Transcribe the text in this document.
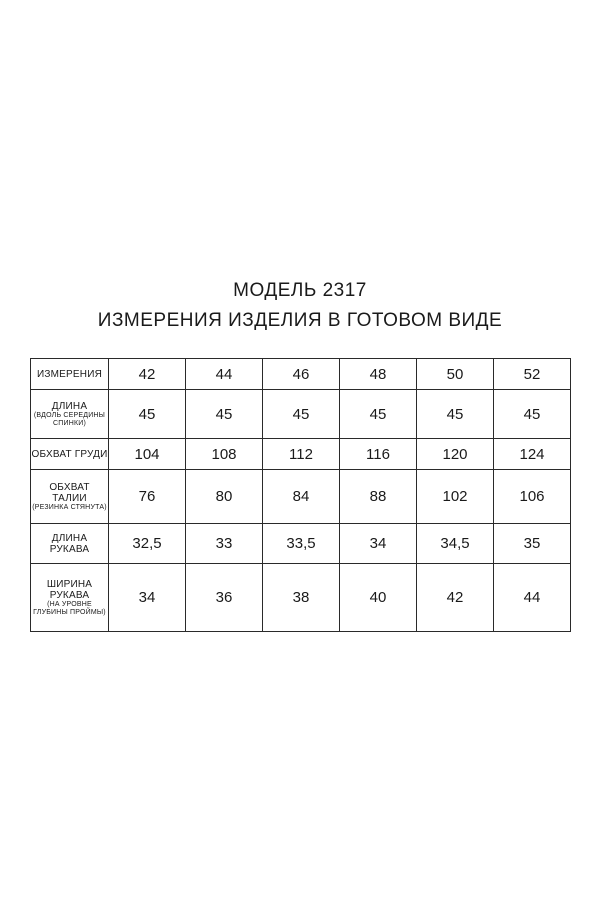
МОДЕЛЬ 2317
ИЗМЕРЕНИЯ ИЗДЕЛИЯ В ГОТОВОМ ВИДЕ
ИЗМЕРЕНИЯ	42	44	46	48	50	52

ДЛИНА
(ВДОЛЬ СЕРЕДИНЫ СПИНКИ)	45	45	45	45	45	45

ОБХВАТ ГРУДИ	104	108	112	116	120	124

ОБХВАТ ТАЛИИ
(РЕЗИНКА СТЯНУТА)	76	80	84	88	102	106

ДЛИНА РУКАВА	32,5	33	33,5	34	34,5	35

ШИРИНА РУКАВА
(НА УРОВНЕ ГЛУБИНЫ ПРОЙМЫ)	34	36	38	40	42	44
